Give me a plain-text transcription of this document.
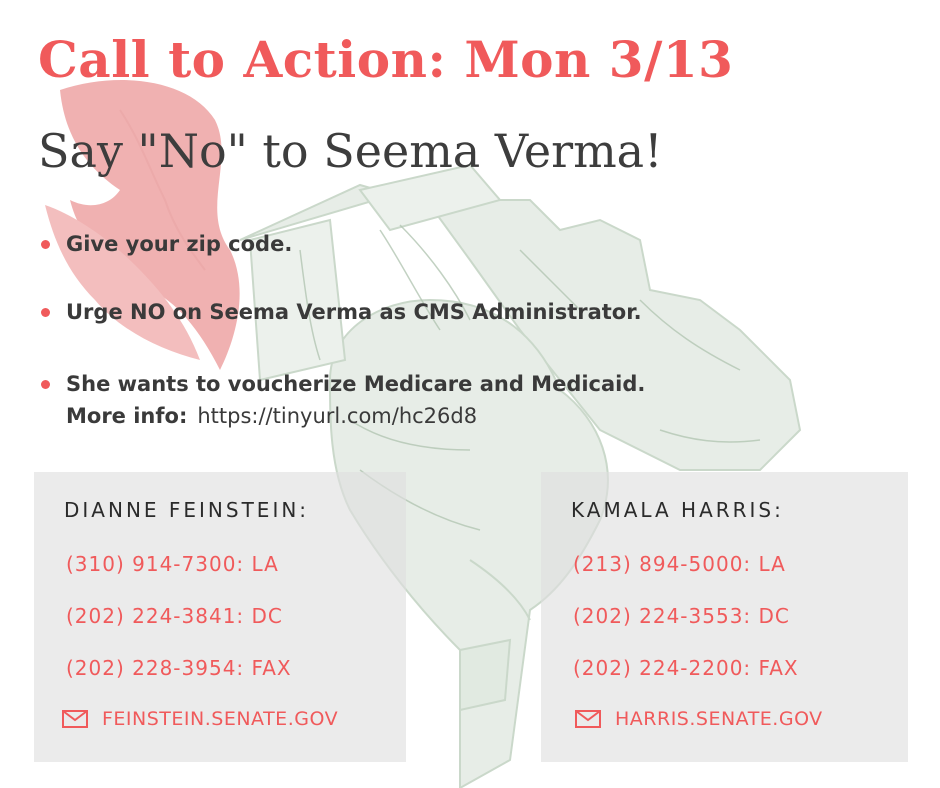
Call to Action: Mon 3/13
Say "No" to Seema Verma!
Give your zip code.
Urge NO on Seema Verma as CMS Administrator.
She wants to voucherize Medicare and Medicaid.
More info: https://tinyurl.com/hc26d8
DIANNE FEINSTEIN:
(310) 914-7300: LA
(202) 224-3841: DC
(202) 228-3954: FAX
FEINSTEIN.SENATE.GOV
KAMALA HARRIS:
(213) 894-5000: LA
(202) 224-3553: DC
(202) 224-2200: FAX
HARRIS.SENATE.GOV
